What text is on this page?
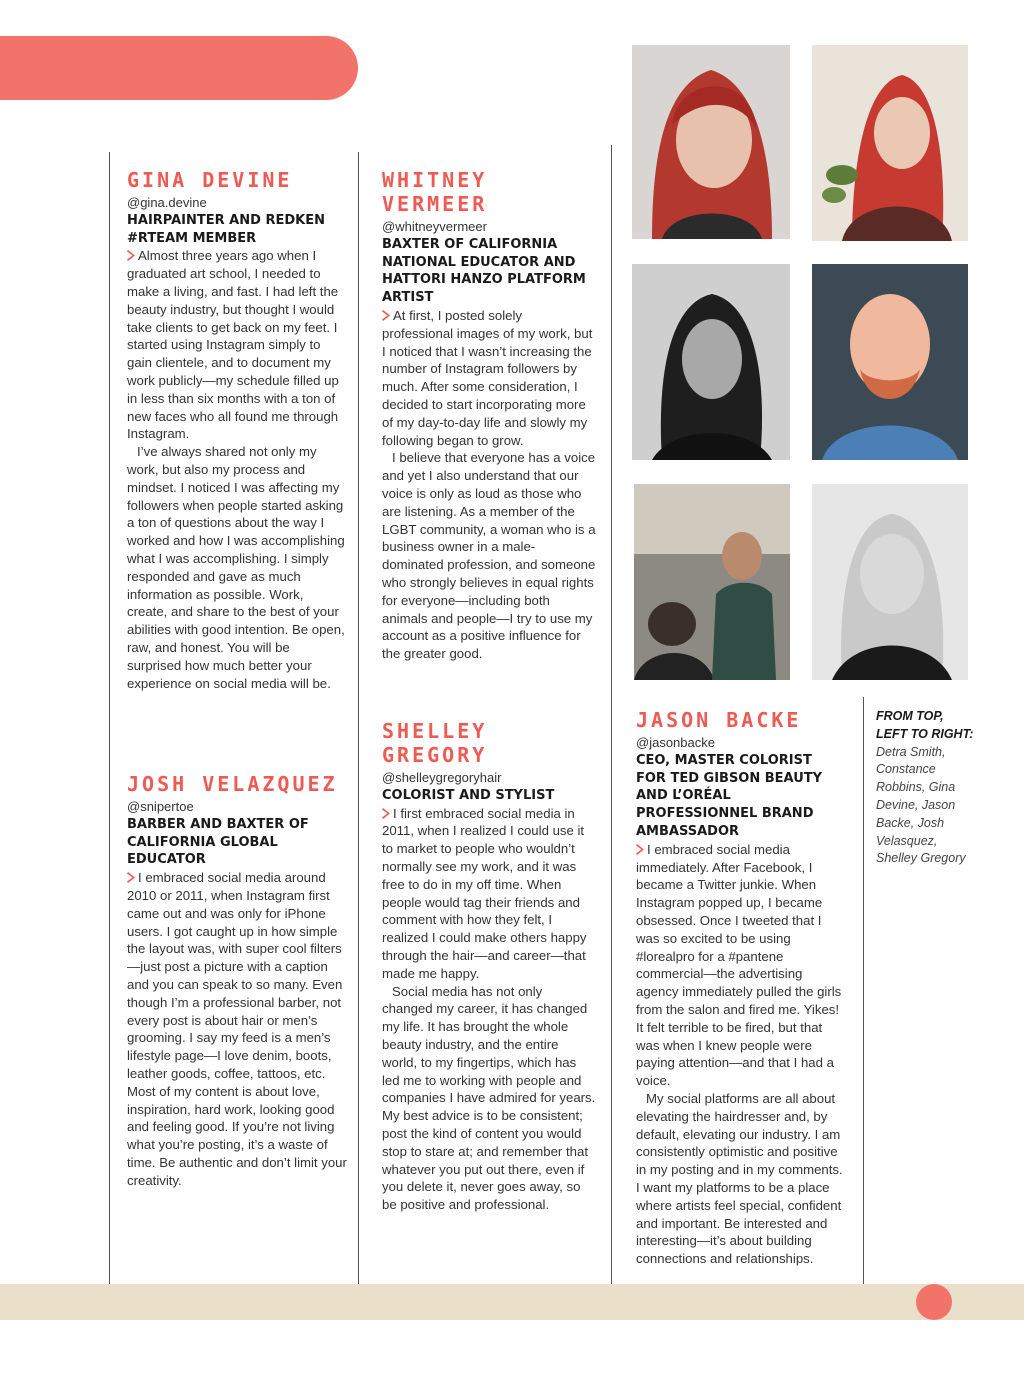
GINA DEVINE
@gina.devine
HAIRPAINTER AND REDKEN #RTEAM MEMBER

Almost three years ago when I graduated art school, I needed to make a living, and fast. I had left the beauty industry, but thought I would take clients to get back on my feet. I started using Instagram simply to gain clientele, and to document my work publicly—my schedule filled up in less than six months with a ton of new faces who all found me through Instagram.

I’ve always shared not only my work, but also my process and mindset. I noticed I was affecting my followers when people started asking a ton of questions about the way I worked and how I was accomplishing what I was accomplishing. I simply responded and gave as much information as possible. Work, create, and share to the best of your abilities with good intention. Be open, raw, and honest. You will be surprised how much better your experience on social media will be.

JOSH VELAZQUEZ
@snipertoe
BARBER AND BAXTER OF CALIFORNIA GLOBAL EDUCATOR

I embraced social media around 2010 or 2011, when Instagram first came out and was only for iPhone users. I got caught up in how simple the layout was, with super cool filters—just post a picture with a caption and you can speak to so many. Even though I’m a professional barber, not every post is about hair or men’s grooming. I say my feed is a men’s lifestyle page—I love denim, boots, leather goods, coffee, tattoos, etc. Most of my content is about love, inspiration, hard work, looking good and feeling good. If you’re not living what you’re posting, it’s a waste of time. Be authentic and don’t limit your creativity.

WHITNEY VERMEER
@whitneyvermeer
BAXTER OF CALIFORNIA NATIONAL EDUCATOR AND HATTORI HANZO PLATFORM ARTIST

At first, I posted solely professional images of my work, but I noticed that I wasn’t increasing the number of Instagram followers by much. After some consideration, I decided to start incorporating more of my day-to-day life and slowly my following began to grow.

I believe that everyone has a voice and yet I also understand that our voice is only as loud as those who are listening. As a member of the LGBT community, a woman who is a business owner in a male-dominated profession, and someone who strongly believes in equal rights for everyone—including both animals and people—I try to use my account as a positive influence for the greater good.

SHELLEY GREGORY
@shelleygregoryhair
COLORIST AND STYLIST

I first embraced social media in 2011, when I realized I could use it to market to people who wouldn’t normally see my work, and it was free to do in my off time. When people would tag their friends and comment with how they felt, I realized I could make others happy through the hair—and career—that made me happy.

Social media has not only changed my career, it has changed my life. It has brought the whole beauty industry, and the entire world, to my fingertips, which has led me to working with people and companies I have admired for years. My best advice is to be consistent; post the kind of content you would stop to stare at; and remember that whatever you put out there, even if you delete it, never goes away, so be positive and professional.

JASON BACKE
@jasonbacke
CEO, MASTER COLORIST FOR TED GIBSON BEAUTY AND L’ORÉAL PROFESSIONNEL BRAND AMBASSADOR

I embraced social media immediately. After Facebook, I became a Twitter junkie. When Instagram popped up, I became obsessed. Once I tweeted that I was so excited to be using #lorealpro for a #pantene commercial—the advertising agency immediately pulled the girls from the salon and fired me. Yikes! It felt terrible to be fired, but that was when I knew people were paying attention—and that I had a voice.

My social platforms are all about elevating the hairdresser and, by default, elevating our industry. I am consistently optimistic and positive in my posting and in my comments. I want my platforms to be a place where artists feel special, confident and important. Be interested and interesting—it’s about building connections and relationships.

FROM TOP, LEFT TO RIGHT:
Detra Smith, Constance Robbins, Gina Devine, Jason Backe, Josh Velasquez, Shelley Gregory
